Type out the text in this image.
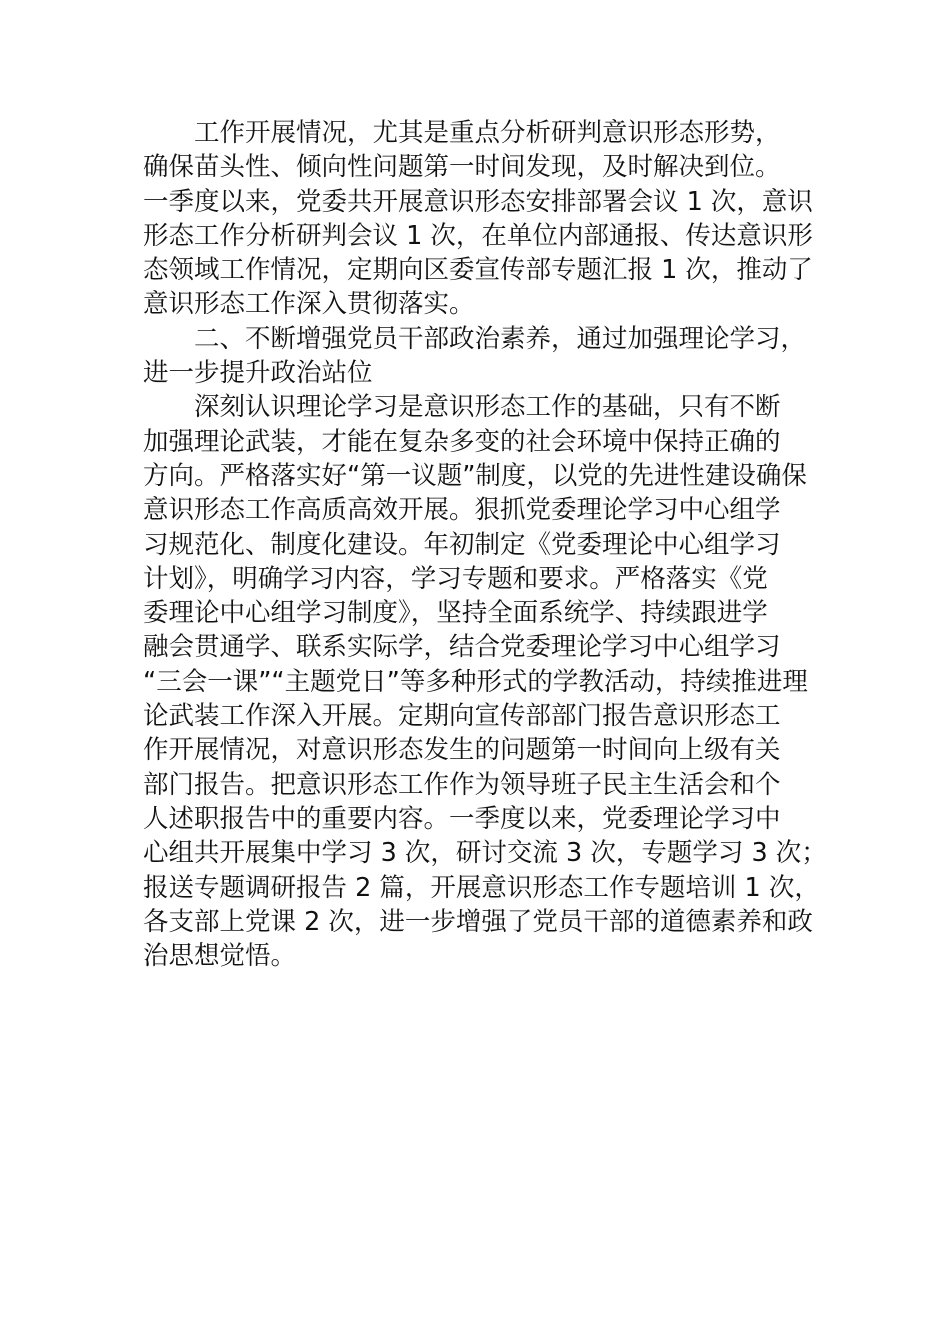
　　工作开展情况，尤其是重点分析研判意识形态形势，
确保苗头性、倾向性问题第一时间发现，及时解决到位。
一季度以来，党委共开展意识形态安排部署会议 1 次，意识
形态工作分析研判会议 1 次，在单位内部通报、传达意识形
态领域工作情况，定期向区委宣传部专题汇报 1 次，推动了
意识形态工作深入贯彻落实。
　　二、不断增强党员干部政治素养，通过加强理论学习，
进一步提升政治站位
　　深刻认识理论学习是意识形态工作的基础，只有不断
加强理论武装，才能在复杂多变的社会环境中保持正确的
方向。严格落实好“第一议题”制度，以党的先进性建设确保
意识形态工作高质高效开展。狠抓党委理论学习中心组学
习规范化、制度化建设。年初制定《党委理论中心组学习
计划》，明确学习内容，学习专题和要求。严格落实《党
委理论中心组学习制度》，坚持全面系统学、持续跟进学
融会贯通学、联系实际学，结合党委理论学习中心组学习
“三会一课”“主题党日”等多种形式的学教活动，持续推进理
论武装工作深入开展。定期向宣传部部门报告意识形态工
作开展情况，对意识形态发生的问题第一时间向上级有关
部门报告。把意识形态工作作为领导班子民主生活会和个
人述职报告中的重要内容。一季度以来，党委理论学习中
心组共开展集中学习 3 次，研讨交流 3 次，专题学习 3 次；
报送专题调研报告 2 篇，开展意识形态工作专题培训 1 次，
各支部上党课 2 次，进一步增强了党员干部的道德素养和政
治思想觉悟。
